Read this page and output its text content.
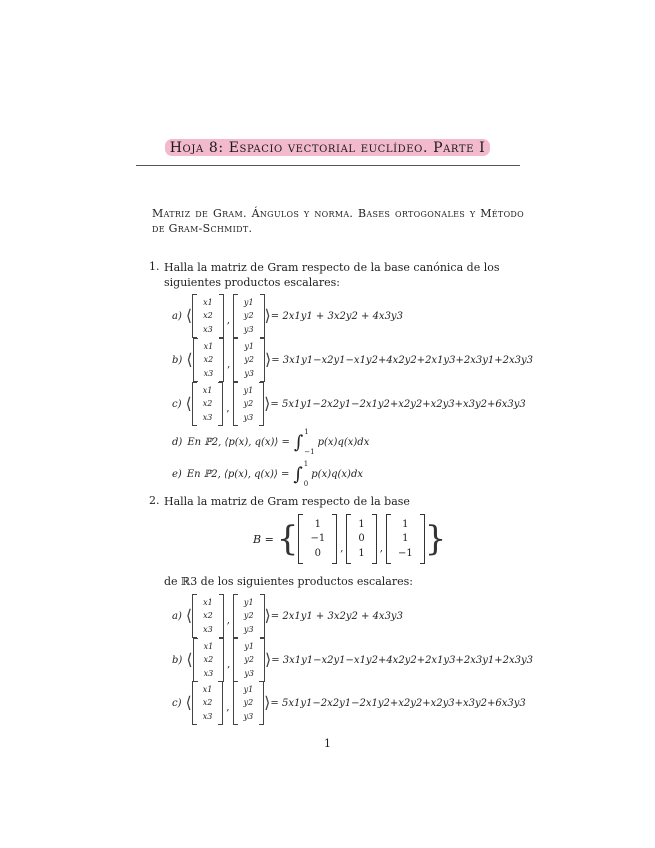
Hoja 8: Espacio vectorial euclídeo. Parte I
Matriz de Gram. Ángulos y norma. Bases ortogonales y Método de Gram-Schmidt.
1. Halla la matriz de Gram respecto de la base canónica de los siguientes productos escalares:
a) ⟨
x1
x2
x3
,
y1
y2
y3
⟩ = 2x1y1 + 3x2y2 + 4x3y3
b) ⟨
x1
x2
x3
,
y1
y2
y3
⟩ = 3x1y1−x2y1−x1y2+4x2y2+2x1y3+2x3y1+2x3y3
c) ⟨
x1
x2
x3
,
y1
y2
y3
⟩ = 5x1y1−2x2y1−2x1y2+x2y2+x2y3+x3y2+6x3y3
d) En ℙ2, ⟨p(x), q(x)⟩ = ∫ 1
−1
p(x)q(x)dx
e) En ℙ2, ⟨p(x), q(x)⟩ = ∫ 1
0
p(x)q(x)dx
2. Halla la matriz de Gram respecto de la base
B = {	1
−1
0	,
1
0
1	,
1
1
−1 }
de ℝ3 de los siguientes productos escalares:
a) ⟨
x1
x2
x3
,
y1
y2
y3
⟩ = 2x1y1 + 3x2y2 + 4x3y3
b) ⟨
x1
x2
x3
,
y1
y2
y3
⟩ = 3x1y1−x2y1−x1y2+4x2y2+2x1y3+2x3y1+2x3y3
c) ⟨
x1
x2
x3
,
y1
y2
y3
⟩ = 5x1y1−2x2y1−2x1y2+x2y2+x2y3+x3y2+6x3y3
1
